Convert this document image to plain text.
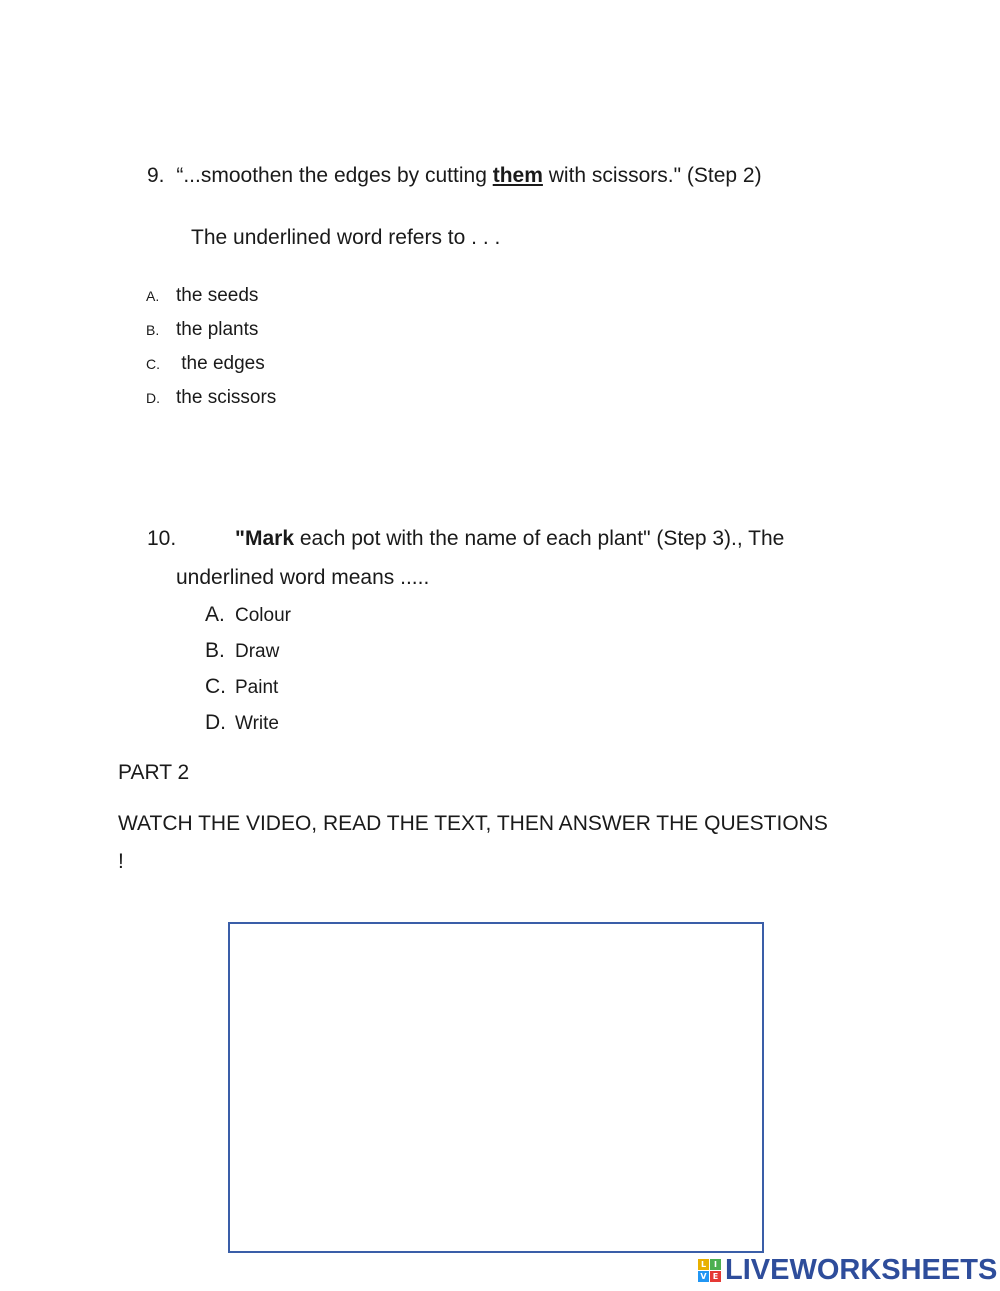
9. “...smoothen the edges by cutting them with scissors." (Step 2)
The underlined word refers to . . .
A. the seeds
B. the plants
C. the edges
D. the scissors
10.	"Mark each pot with the name of each plant" (Step 3)., The
underlined word means .....
A. Colour
B. Draw
C. Paint
D. Write
PART 2
WATCH THE VIDEO, READ THE TEXT, THEN ANSWER THE QUESTIONS
!
L I
V E LIVEWORKSHEETS
